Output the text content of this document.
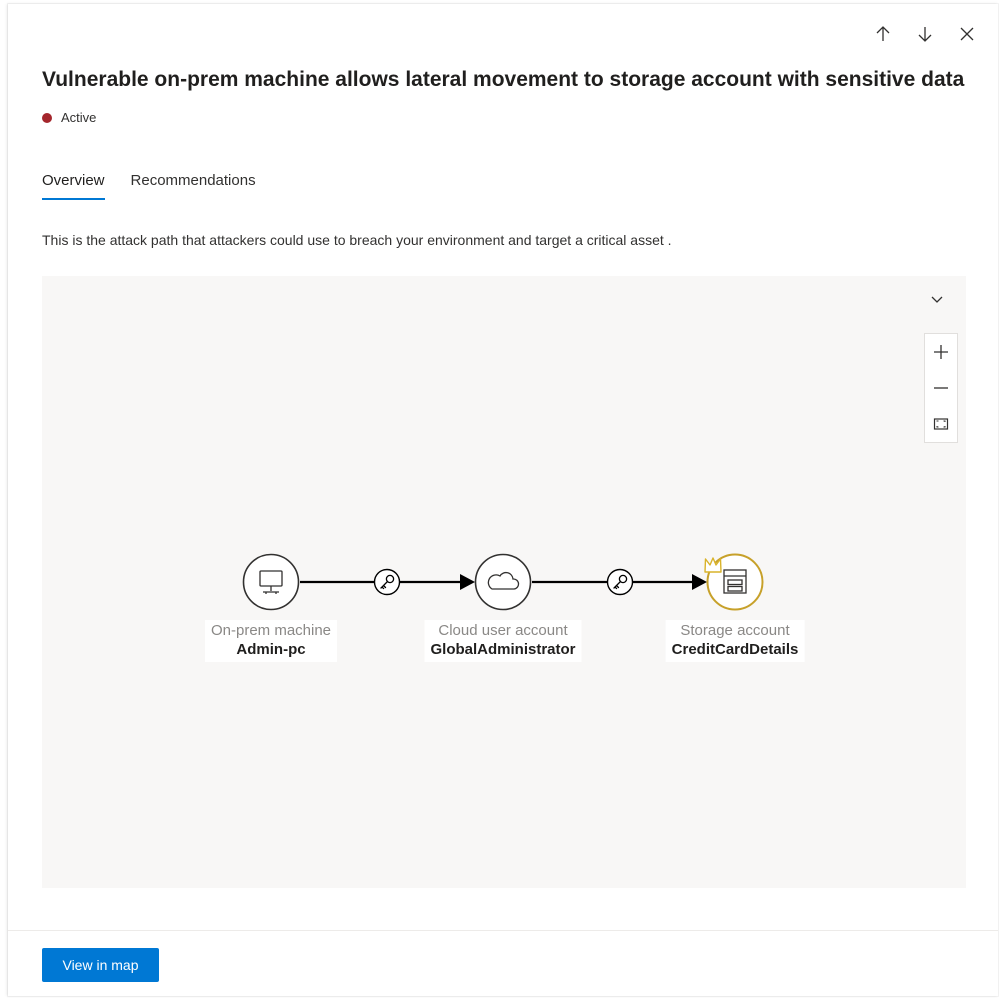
Vulnerable on-prem machine allows lateral movement to storage account with sensitive data
Active
Overview Recommendations
This is the attack path that attackers could use to breach your environment and target a critical asset .
On-prem machine
Admin-pc
Cloud user account
GlobalAdministrator
Storage account
CreditCardDetails
View in map
